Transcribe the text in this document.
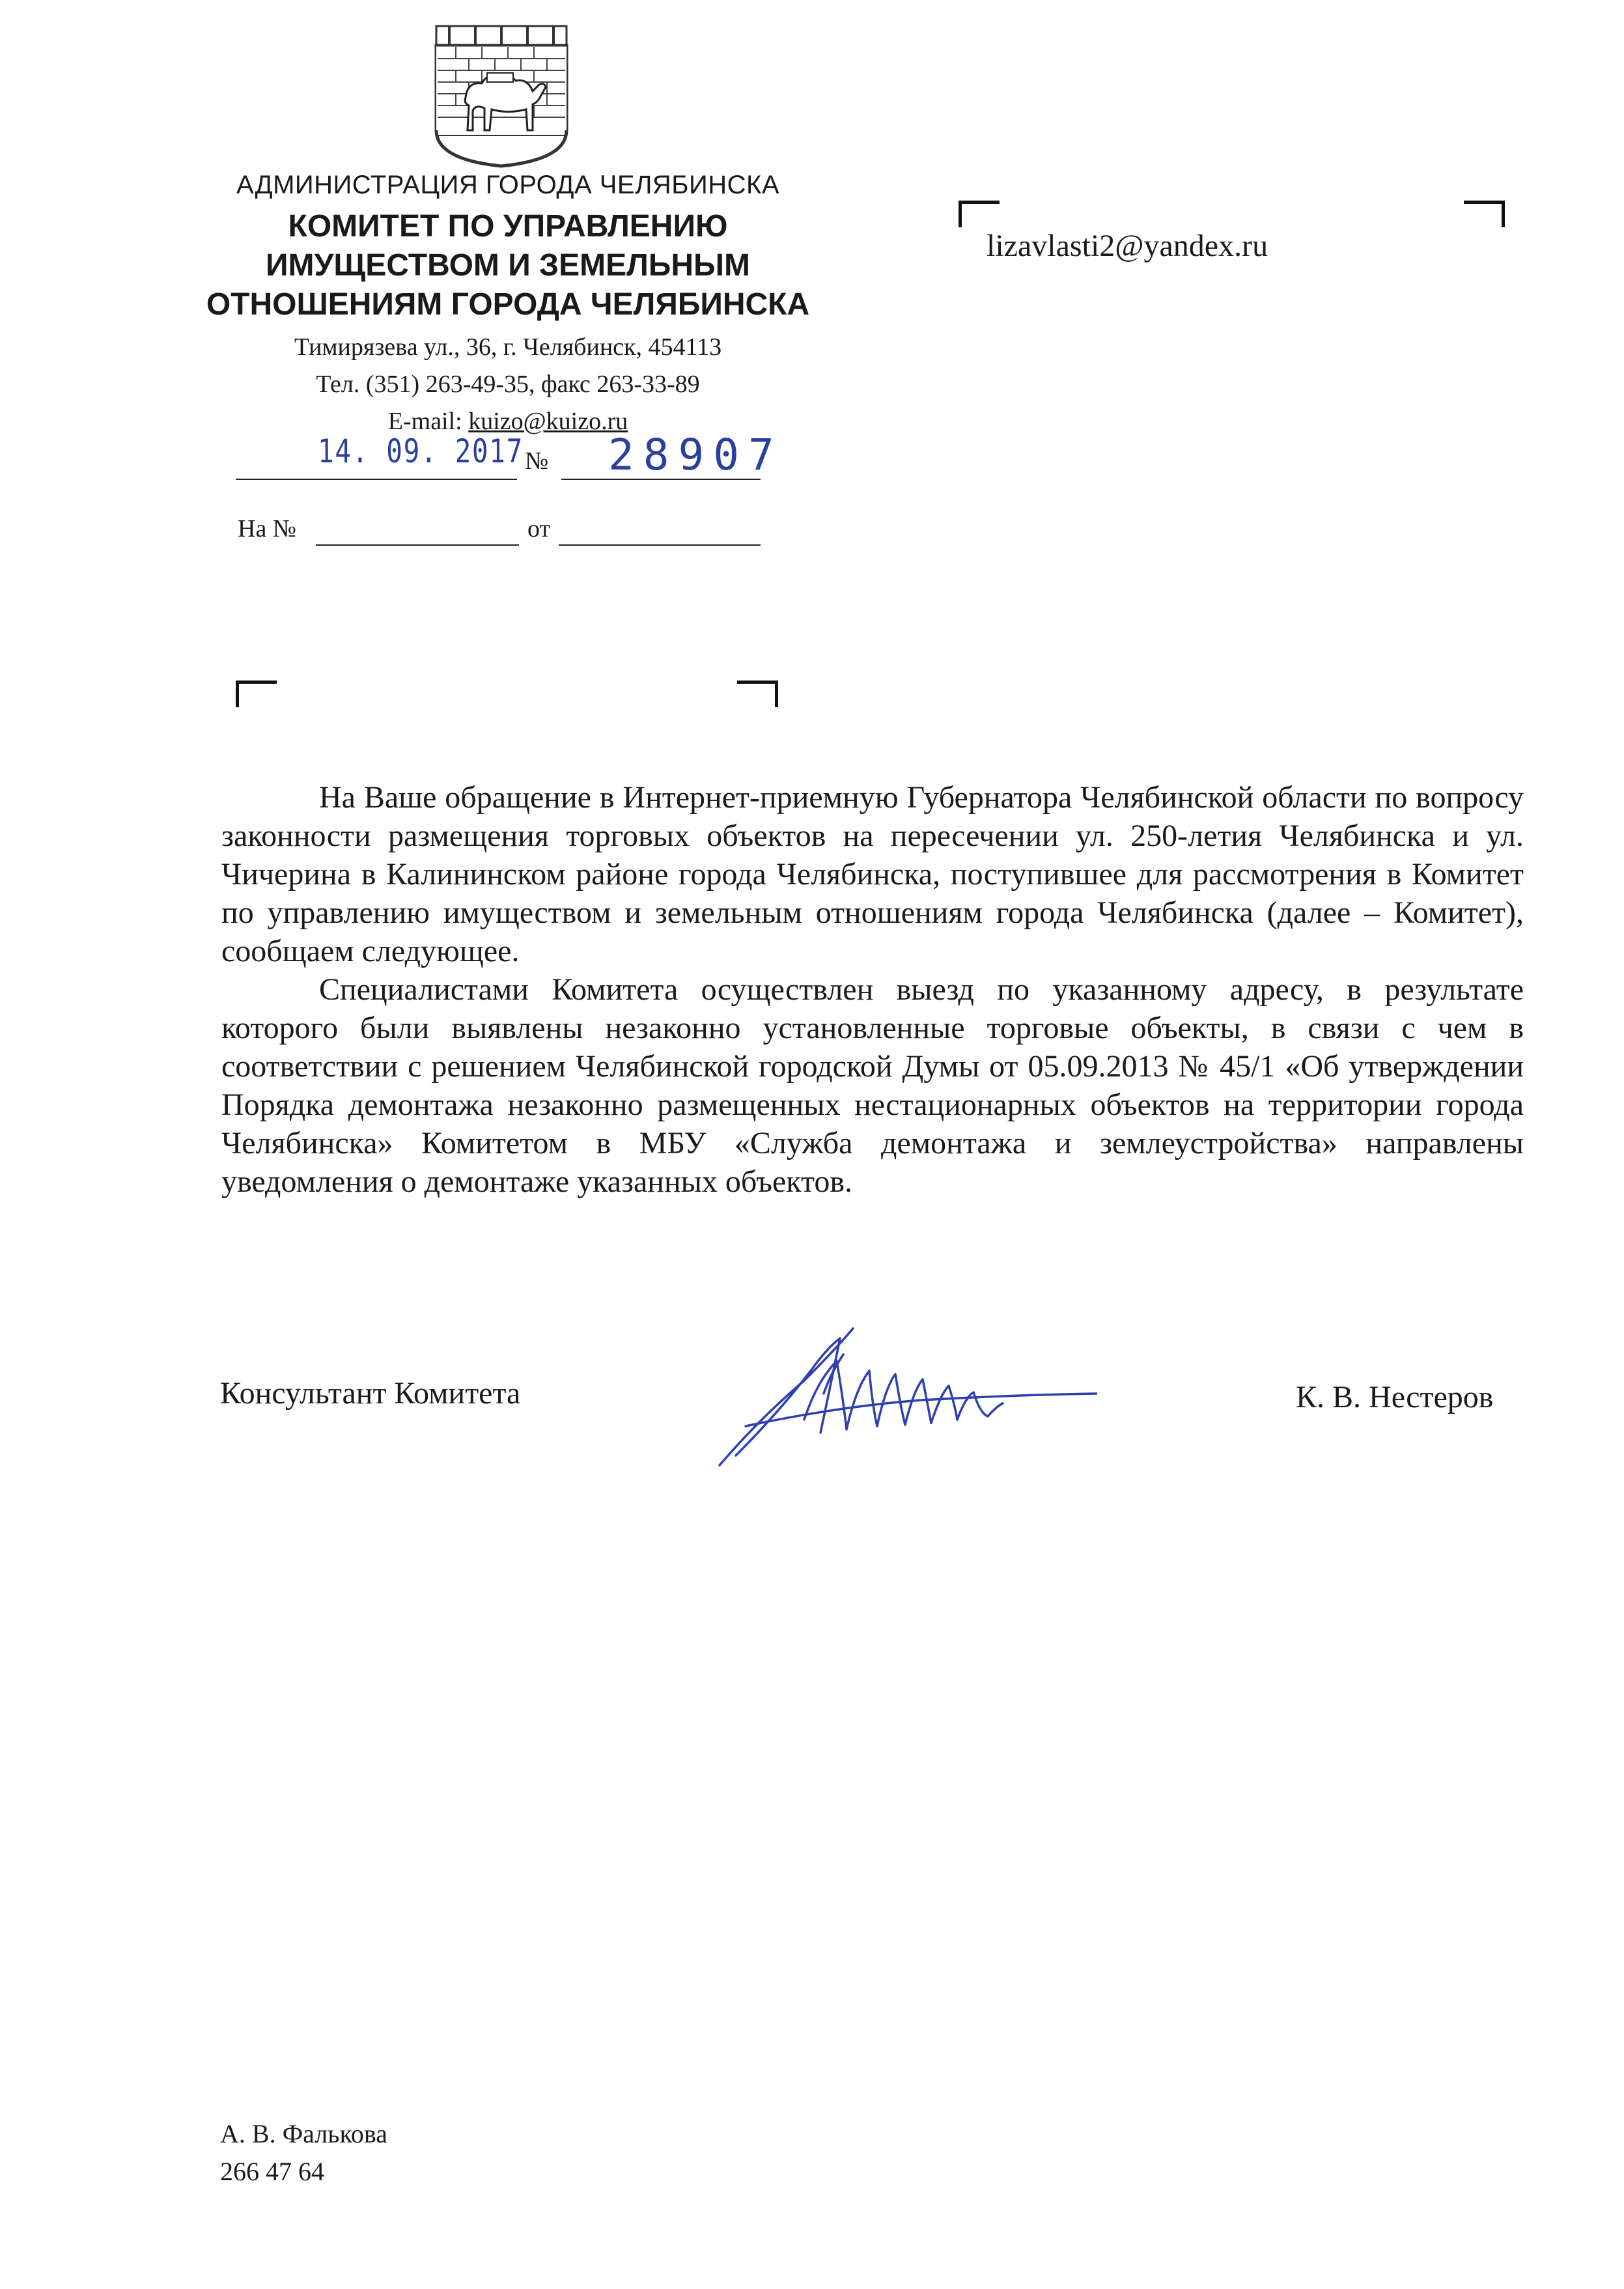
АДМИНИСТРАЦИЯ ГОРОДА ЧЕЛЯБИНСКА
КОМИТЕТ ПО УПРАВЛЕНИЮ
ИМУЩЕСТВОМ И ЗЕМЕЛЬНЫМ
ОТНОШЕНИЯМ ГОРОДА ЧЕЛЯБИНСКА
Тимирязева ул., 36, г. Челябинск, 454113
Тел. (351) 263-49-35, факс 263-33-89
E-mail: kuizo@kuizo.ru
14. 09. 2017 № 28907
На №	от
lizavlasti2@yandex.ru

На Ваше обращение в Интернет-приемную Губернатора Челябинской области по вопросу законности размещения торговых объектов на пересечении ул. 250-летия Челябинска и ул. Чичерина в Калининском районе города Челябинска, поступившее для рассмотрения в Комитет по управлению имуществом и земельным отношениям города Челябинска (далее – Комитет), сообщаем следующее.

Специалистами Комитета осуществлен выезд по указанному адресу, в результате которого были выявлены незаконно установленные торговые объекты, в связи с чем в соответствии с решением Челябинской городской Думы от 05.09.2013 № 45/1 «Об утверждении Порядка демонтажа незаконно размещенных нестационарных объектов на территории города Челябинска» Комитетом в МБУ «Служба демонтажа и землеустройства» направлены уведомления о демонтаже указанных объектов.

Консультант Комитета	К. В. Нестеров
А. В. Фалькова
266 47 64
